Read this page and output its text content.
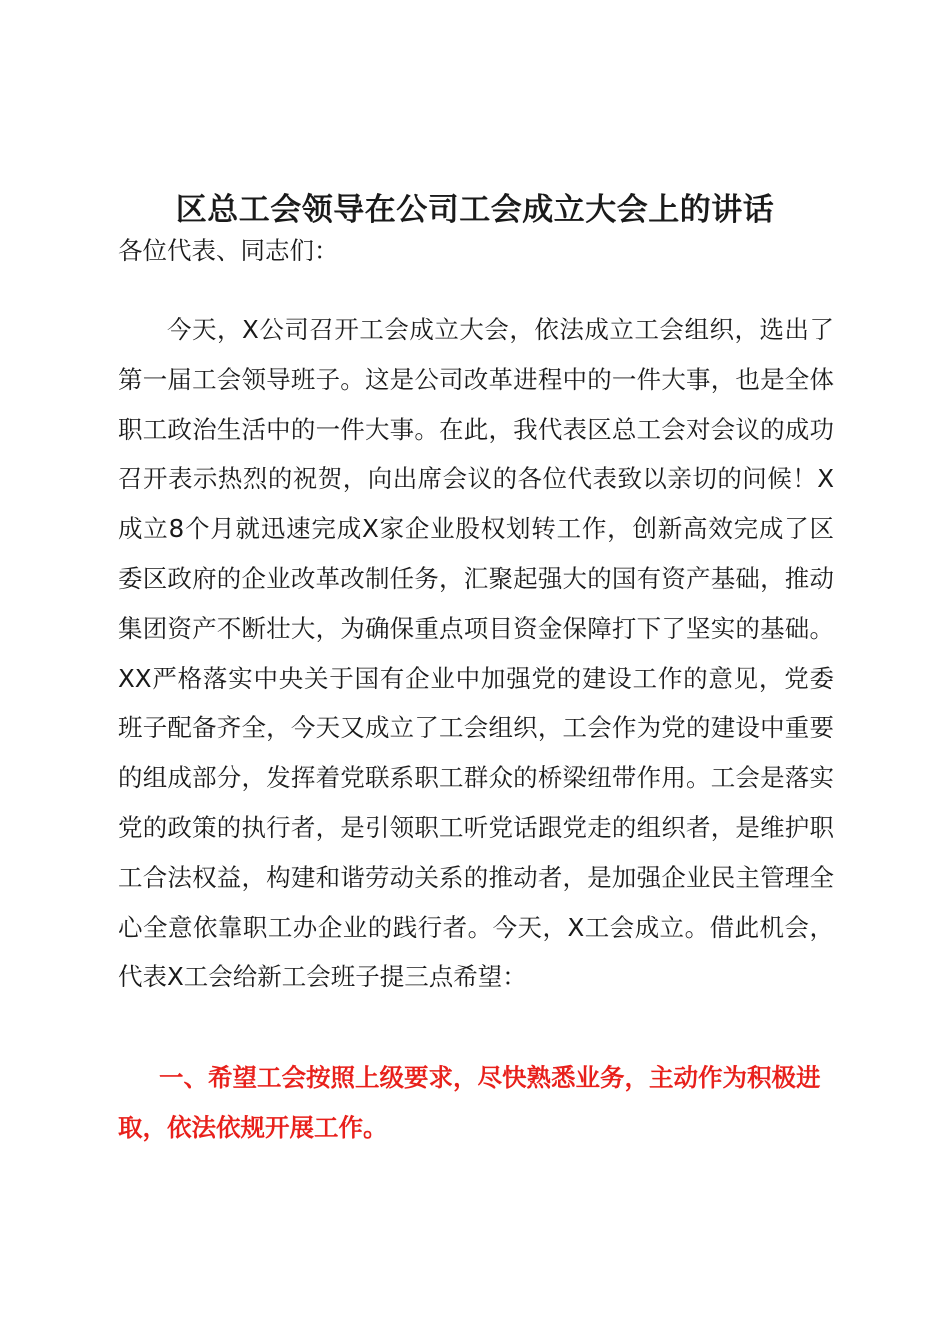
区总工会领导在公司工会成立大会上的讲话

各位代表、同志们：

今天，X公司召开工会成立大会，依法成立工会组织，选出了第一届工会领导班子。这是公司改革进程中的一件大事，也是全体职工政治生活中的一件大事。在此，我代表区总工会对会议的成功召开表示热烈的祝贺，向出席会议的各位代表致以亲切的问候！X成立8个月就迅速完成X家企业股权划转工作，创新高效完成了区委区政府的企业改革改制任务，汇聚起强大的国有资产基础，推动集团资产不断壮大，为确保重点项目资金保障打下了坚实的基础。XX严格落实中央关于国有企业中加强党的建设工作的意见，党委班子配备齐全，今天又成立了工会组织，工会作为党的建设中重要的组成部分，发挥着党联系职工群众的桥梁纽带作用。工会是落实党的政策的执行者，是引领职工听党话跟党走的组织者，是维护职工合法权益，构建和谐劳动关系的推动者，是加强企业民主管理全心全意依靠职工办企业的践行者。今天，X工会成立。借此机会，代表X工会给新工会班子提三点希望：

一、希望工会按照上级要求，尽快熟悉业务，主动作为积极进取，依法依规开展工作。
